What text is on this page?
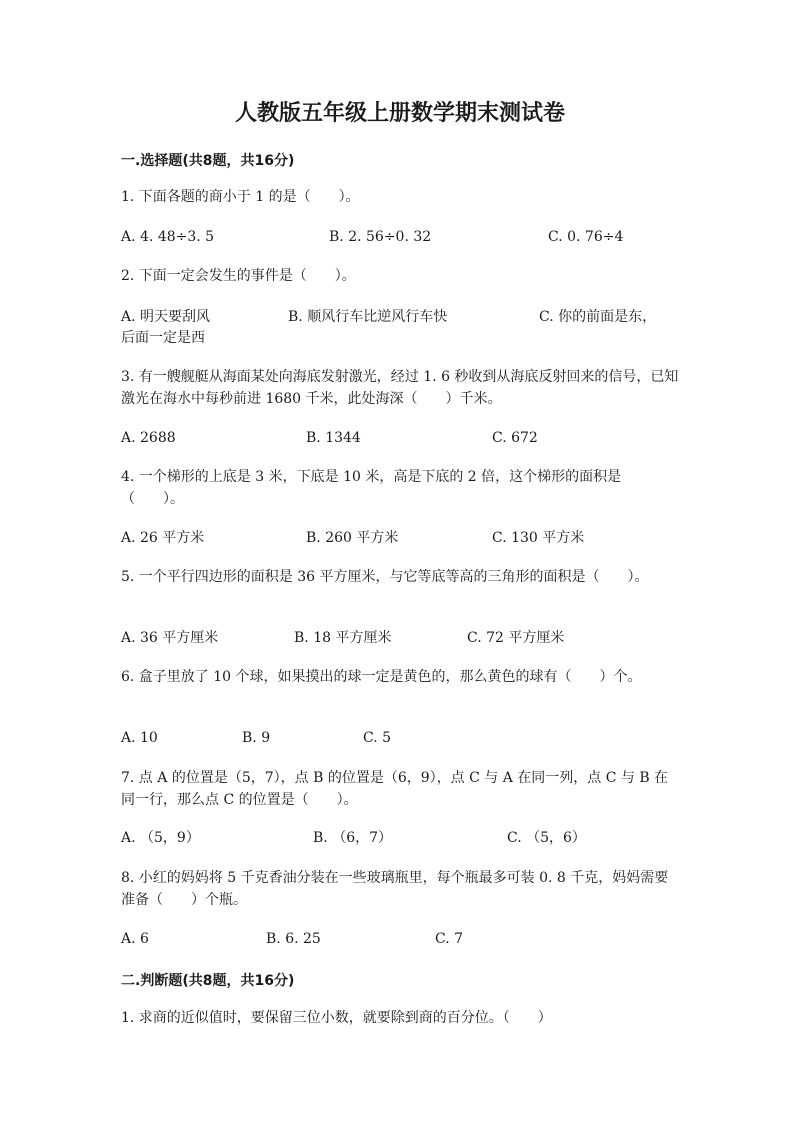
人教版五年级上册数学期末测试卷
一.选择题(共8题，共16分)
1. 下面各题的商小于 1 的是（　　）。
A. 4. 48÷3. 5	B. 2. 56÷0. 32	C. 0. 76÷4
2. 下面一定会发生的事件是（　　）。
A. 明天要刮风	B. 顺风行车比逆风行车快	C. 你的前面是东，
后面一定是西
3. 有一艘舰艇从海面某处向海底发射激光，经过 1. 6 秒收到从海底反射回来的信号，已知激光在海水中每秒前进 1680 千米，此处海深（　　）千米。
A. 2688	B. 1344	C. 672
4. 一个梯形的上底是 3 米，下底是 10 米，高是下底的 2 倍，这个梯形的面积是（　　）。
A. 26 平方米	B. 260 平方米	C. 130 平方米
5. 一个平行四边形的面积是 36 平方厘米，与它等底等高的三角形的面积是（　　）。
A. 36 平方厘米	B. 18 平方厘米	C. 72 平方厘米
6. 盒子里放了 10 个球，如果摸出的球一定是黄色的，那么黄色的球有（　　）个。
A. 10	B. 9	C. 5
7. 点 A 的位置是（5，7），点 B 的位置是（6，9），点 C 与 A 在同一列，点 C 与 B 在同一行，那么点 C 的位置是（　　）。
A. （5，9）	B. （6，7）	C. （5，6）
8. 小红的妈妈将 5 千克香油分装在一些玻璃瓶里，每个瓶最多可装 0. 8 千克，妈妈需要准备（　　）个瓶。
A. 6	B. 6. 25	C. 7
二.判断题(共8题，共16分)
1. 求商的近似值时，要保留三位小数，就要除到商的百分位。（　　）
